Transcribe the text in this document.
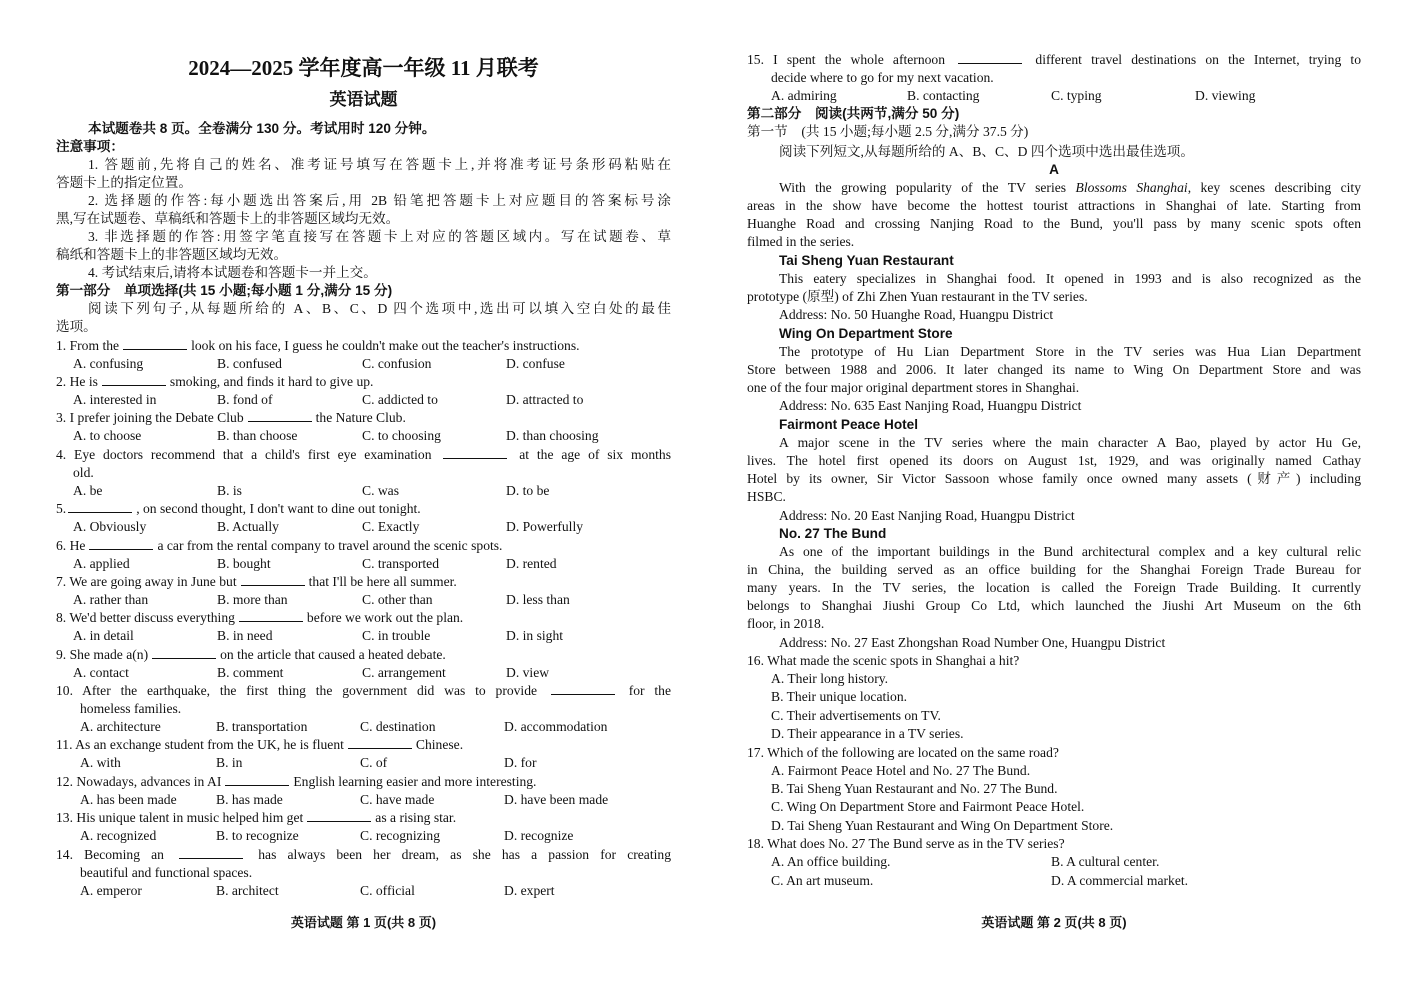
2024—2025 学年度高一年级 11 月联考
英语试题
本试题卷共 8 页。全卷满分 130 分。考试用时 120 分钟。
注意事项：
1. 答题前,先将自己的姓名、准考证号填写在答题卡上,并将准考证号条形码粘贴在
答题卡上的指定位置。
2. 选择题的作答:每小题选出答案后,用 2B 铅笔把答题卡上对应题目的答案标号涂
黑,写在试题卷、草稿纸和答题卡上的非答题区域均无效。
3. 非选择题的作答:用签字笔直接写在答题卡上对应的答题区域内。写在试题卷、草
稿纸和答题卡上的非答题区域均无效。
4. 考试结束后,请将本试题卷和答题卡一并上交。
第一部分　单项选择(共 15 小题;每小题 1 分,满分 15 分)
阅读下列句子,从每题所给的 A、B、C、D 四个选项中,选出可以填入空白处的最佳
选项。
1. From the	look on his face, I guess he couldn't make out the teacher's instructions.
A. confusing	B. confused	C. confusion	D. confuse
2. He is	smoking, and finds it hard to give up.
A. interested in	B. fond of	C. addicted to	D. attracted to
3. I prefer joining the Debate Club	the Nature Club.
A. to choose	B. than choose	C. to choosing	D. than choosing
4. Eye doctors recommend that a child's first eye examination	at the age of six months
old.
A. be	B. is	C. was	D. to be
5.	, on second thought, I don't want to dine out tonight.
A. Obviously	B. Actually	C. Exactly	D. Powerfully
6. He	a car from the rental company to travel around the scenic spots.
A. applied	B. bought	C. transported	D. rented
7. We are going away in June but	that I'll be here all summer.
A. rather than	B. more than	C. other than	D. less than
8. We'd better discuss everything	before we work out the plan.
A. in detail	B. in need	C. in trouble	D. in sight
9. She made a(n)	on the article that caused a heated debate.
A. contact	B. comment	C. arrangement	D. view
10. After the earthquake, the first thing the government did was to provide	for the
homeless families.
A. architecture	B. transportation	C. destination	D. accommodation
11. As an exchange student from the UK, he is fluent	Chinese.
A. with	B. in	C. of	D. for
12. Nowadays, advances in AI	English learning easier and more interesting.
A. has been made	B. has made	C. have made	D. have been made
13. His unique talent in music helped him get	as a rising star.
A. recognized	B. to recognize	C. recognizing	D. recognize
14. Becoming an	has always been her dream, as she has a passion for creating
beautiful and functional spaces.
A. emperor	B. architect	C. official	D. expert
英语试题 第 1 页(共 8 页)
15. I spent the whole afternoon	different travel destinations on the Internet, trying to
decide where to go for my next vacation.
A. admiring	B. contacting	C. typing	D. viewing
第二部分　阅读(共两节,满分 50 分)
第一节　(共 15 小题;每小题 2.5 分,满分 37.5 分)
阅读下列短文,从每题所给的 A、B、C、D 四个选项中选出最佳选项。
A
With the growing popularity of the TV series Blossoms Shanghai, key scenes describing city
areas in the show have become the hottest tourist attractions in Shanghai of late. Starting from
Huanghe Road and crossing Nanjing Road to the Bund, you'll pass by many scenic spots often
filmed in the series.
Tai Sheng Yuan Restaurant
This eatery specializes in Shanghai food. It opened in 1993 and is also recognized as the
prototype (原型) of Zhi Zhen Yuan restaurant in the TV series.
Address: No. 50 Huanghe Road, Huangpu District
Wing On Department Store
The prototype of Hu Lian Department Store in the TV series was Hua Lian Department
Store between 1988 and 2006. It later changed its name to Wing On Department Store and was
one of the four major original department stores in Shanghai.
Address: No. 635 East Nanjing Road, Huangpu District
Fairmont Peace Hotel
A major scene in the TV series where the main character A Bao, played by actor Hu Ge,
lives. The hotel first opened its doors on August 1st, 1929, and was originally named Cathay
Hotel by its owner, Sir Victor Sassoon whose family once owned many assets (财产) including
HSBC.
Address: No. 20 East Nanjing Road, Huangpu District
No. 27 The Bund
As one of the important buildings in the Bund architectural complex and a key cultural relic
in China, the building served as an office building for the Shanghai Foreign Trade Bureau for
many years. In the TV series, the location is called the Foreign Trade Building. It currently
belongs to Shanghai Jiushi Group Co Ltd, which launched the Jiushi Art Museum on the 6th
floor, in 2018.
Address: No. 27 East Zhongshan Road Number One, Huangpu District
16. What made the scenic spots in Shanghai a hit?
A. Their long history.
B. Their unique location.
C. Their advertisements on TV.
D. Their appearance in a TV series.
17. Which of the following are located on the same road?
A. Fairmont Peace Hotel and No. 27 The Bund.
B. Tai Sheng Yuan Restaurant and No. 27 The Bund.
C. Wing On Department Store and Fairmont Peace Hotel.
D. Tai Sheng Yuan Restaurant and Wing On Department Store.
18. What does No. 27 The Bund serve as in the TV series?
A. An office building.	B. A cultural center.
C. An art museum.	D. A commercial market.
英语试题 第 2 页(共 8 页)
